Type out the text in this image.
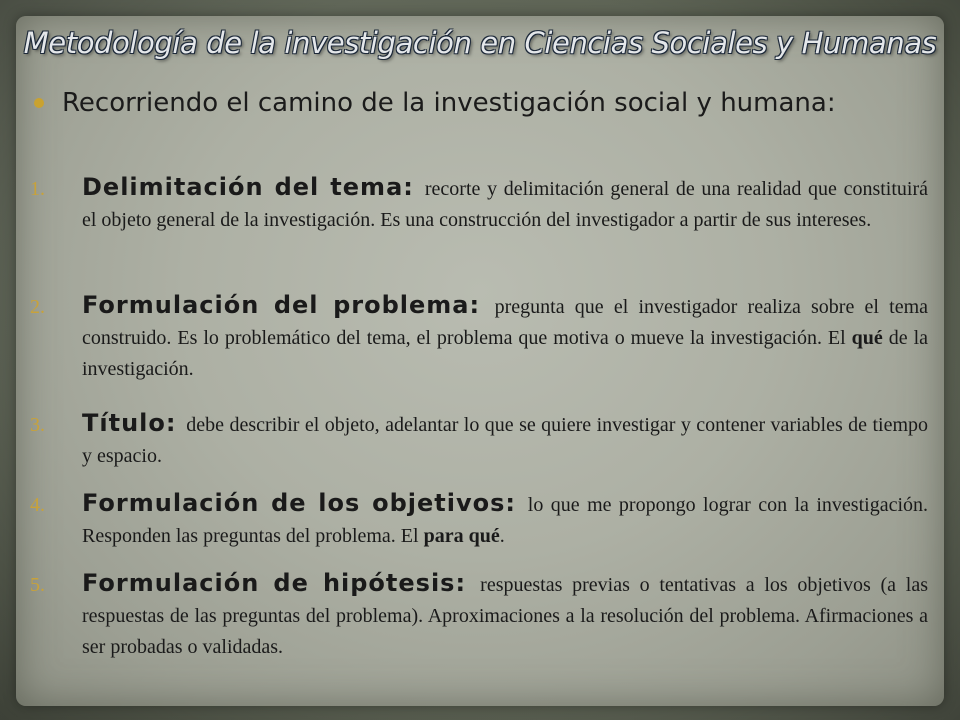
Metodología de la investigación en Ciencias Sociales y Humanas
Recorriendo el camino de la investigación social y humana:
1. Delimitación del tema: recorte y delimitación general de una realidad que constituirá el objeto general de la investigación. Es una construcción del investigador a partir de sus intereses.
2. Formulación del problema: pregunta que el investigador realiza sobre el tema construido. Es lo problemático del tema, el problema que motiva o mueve la investigación. El qué de la investigación.
3. Título: debe describir el objeto, adelantar lo que se quiere investigar y contener variables de tiempo y espacio.
4. Formulación de los objetivos: lo que me propongo lograr con la investigación. Responden las preguntas del problema. El para qué.
5. Formulación de hipótesis: respuestas previas o tentativas a los objetivos (a las respuestas de las preguntas del problema). Aproximaciones a la resolución del problema. Afirmaciones a ser probadas o validadas.
